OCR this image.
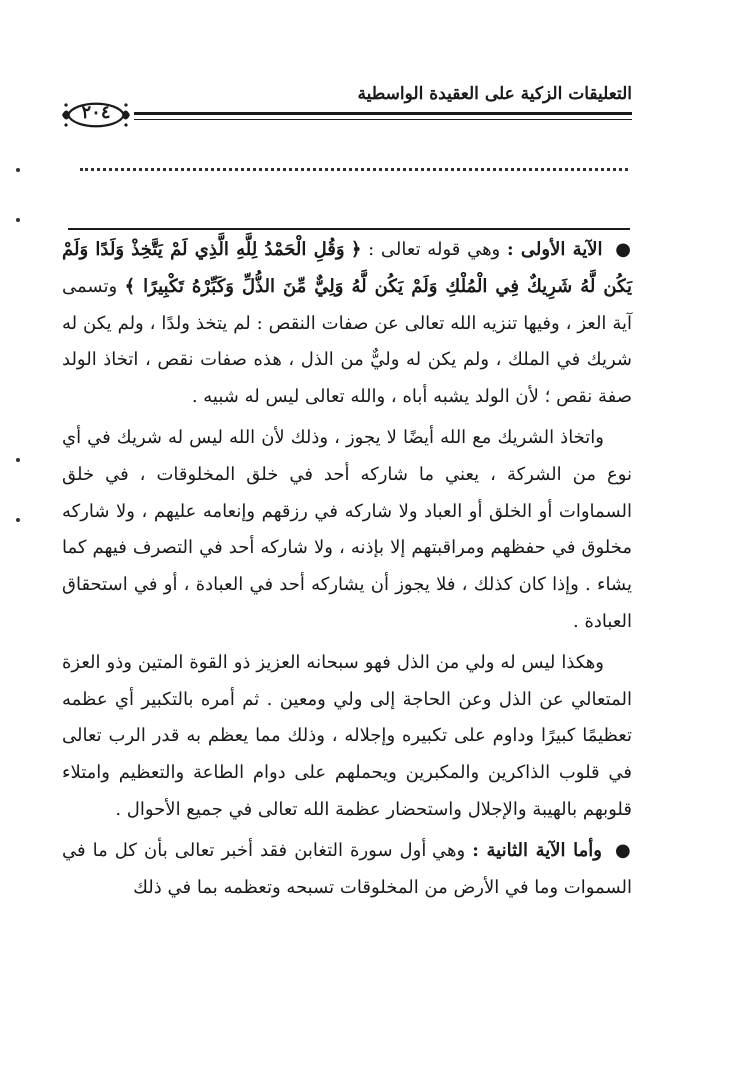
التعليقات الزكية على العقيدة الواسطية
٢٠٤

● الآية الأولى : وهي قوله تعالى : ﴿ وَقُلِ الْحَمْدُ لِلَّهِ الَّذِي لَمْ يَتَّخِذْ وَلَدًا وَلَمْ يَكُن لَّهُ شَرِيكٌ فِي الْمُلْكِ وَلَمْ يَكُن لَّهُ وَلِيٌّ مِّنَ الذُّلِّ وَكَبِّرْهُ تَكْبِيرًا ﴾ وتسمى آية العز ، وفيها تنزيه الله تعالى عن صفات النقص : لم يتخذ ولدًا ، ولم يكن له شريك في الملك ، ولم يكن له وليٌّ من الذل ، هذه صفات نقص ، اتخاذ الولد صفة نقص ؛ لأن الولد يشبه أباه ، والله تعالى ليس له شبيه .

واتخاذ الشريك مع الله أيضًا لا يجوز ، وذلك لأن الله ليس له شريك في أي نوع من الشركة ، يعني ما شاركه أحد في خلق المخلوقات ، في خلق السماوات أو الخلق أو العباد ولا شاركه في رزقهم وإنعامه عليهم ، ولا شاركه مخلوق في حفظهم ومراقبتهم إلا بإذنه ، ولا شاركه أحد في التصرف فيهم كما يشاء . وإذا كان كذلك ، فلا يجوز أن يشاركه أحد في العبادة ، أو في استحقاق العبادة .

وهكذا ليس له ولي من الذل فهو سبحانه العزيز ذو القوة المتين وذو العزة المتعالي عن الذل وعن الحاجة إلى ولي ومعين . ثم أمره بالتكبير أي عظمه تعظيمًا كبيرًا وداوم على تكبيره وإجلاله ، وذلك مما يعظم به قدر الرب تعالى في قلوب الذاكرين والمكبرين ويحملهم على دوام الطاعة والتعظيم وامتلاء قلوبهم بالهيبة والإجلال واستحضار عظمة الله تعالى في جميع الأحوال .

● وأما الآية الثانية : وهي أول سورة التغابن فقد أخبر تعالى بأن كل ما في السموات وما في الأرض من المخلوقات تسبحه وتعظمه بما في ذلك
